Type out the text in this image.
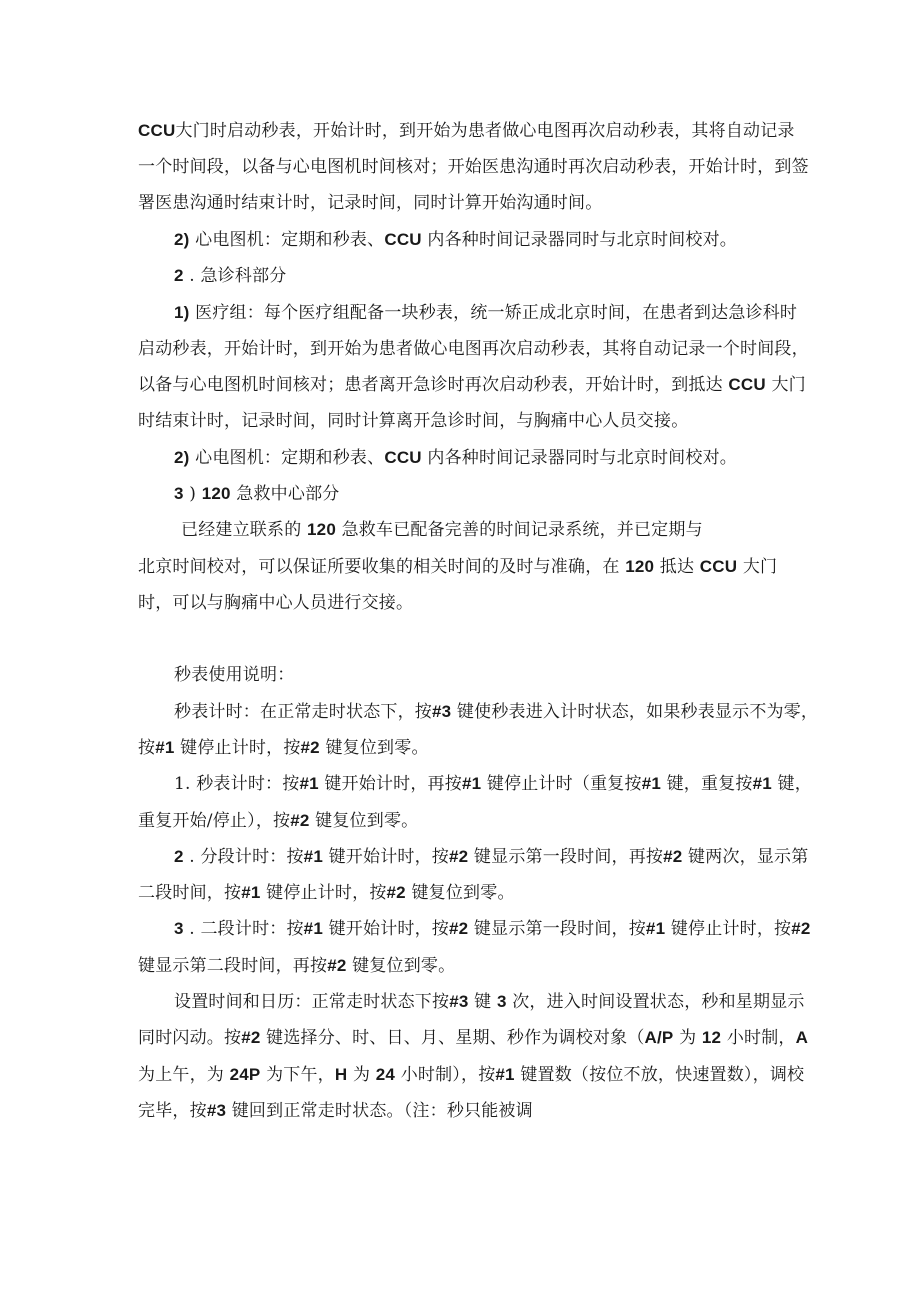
CCU大门时启动秒表，开始计时，到开始为患者做心电图再次启动秒表，其将自动记录
一个时间段，以备与心电图机时间核对；开始医患沟通时再次启动秒表，开始计时，到签
署医患沟通时结束计时，记录时间，同时计算开始沟通时间。
2) 心电图机：定期和秒表、CCU 内各种时间记录器同时与北京时间校对。
2 . 急诊科部分
1) 医疗组：每个医疗组配备一块秒表，统一矫正成北京时间，在患者到达急诊科时
启动秒表，开始计时，到开始为患者做心电图再次启动秒表，其将自动记录一个时间段，
以备与心电图机时间核对；患者离开急诊时再次启动秒表，开始计时，到抵达 CCU 大门
时结束计时，记录时间，同时计算离开急诊时间，与胸痛中心人员交接。
2) 心电图机：定期和秒表、CCU 内各种时间记录器同时与北京时间校对。
3 ) 120 急救中心部分
已经建立联系的 120 急救车已配备完善的时间记录系统，并已定期与
北京时间校对，可以保证所要收集的相关时间的及时与准确，在 120 抵达 CCU 大门
时，可以与胸痛中心人员进行交接。
秒表使用说明：
秒表计时：在正常走时状态下，按#3 键使秒表进入计时状态，如果秒表显示不为零，
按#1 键停止计时，按#2 键复位到零。
1. 秒表计时：按#1 键开始计时，再按#1 键停止计时（重复按#1 键，重复按#1 键，
重复开始/停止），按#2 键复位到零。
2 . 分段计时：按#1 键开始计时，按#2 键显示第一段时间，再按#2 键两次，显示第
二段时间，按#1 键停止计时，按#2 键复位到零。
3 . 二段计时：按#1 键开始计时，按#2 键显示第一段时间，按#1 键停止计时，按#2
键显示第二段时间，再按#2 键复位到零。
设置时间和日历：正常走时状态下按#3 键 3 次，进入时间设置状态，秒和星期显示
同时闪动。按#2 键选择分、时、日、月、星期、秒作为调校对象（A/P 为 12 小时制，A
为上午，为 24P 为下午，H 为 24 小时制），按#1 键置数（按位不放，快速置数），调校
完毕，按#3 键回到正常走时状态。（注：秒只能被调
